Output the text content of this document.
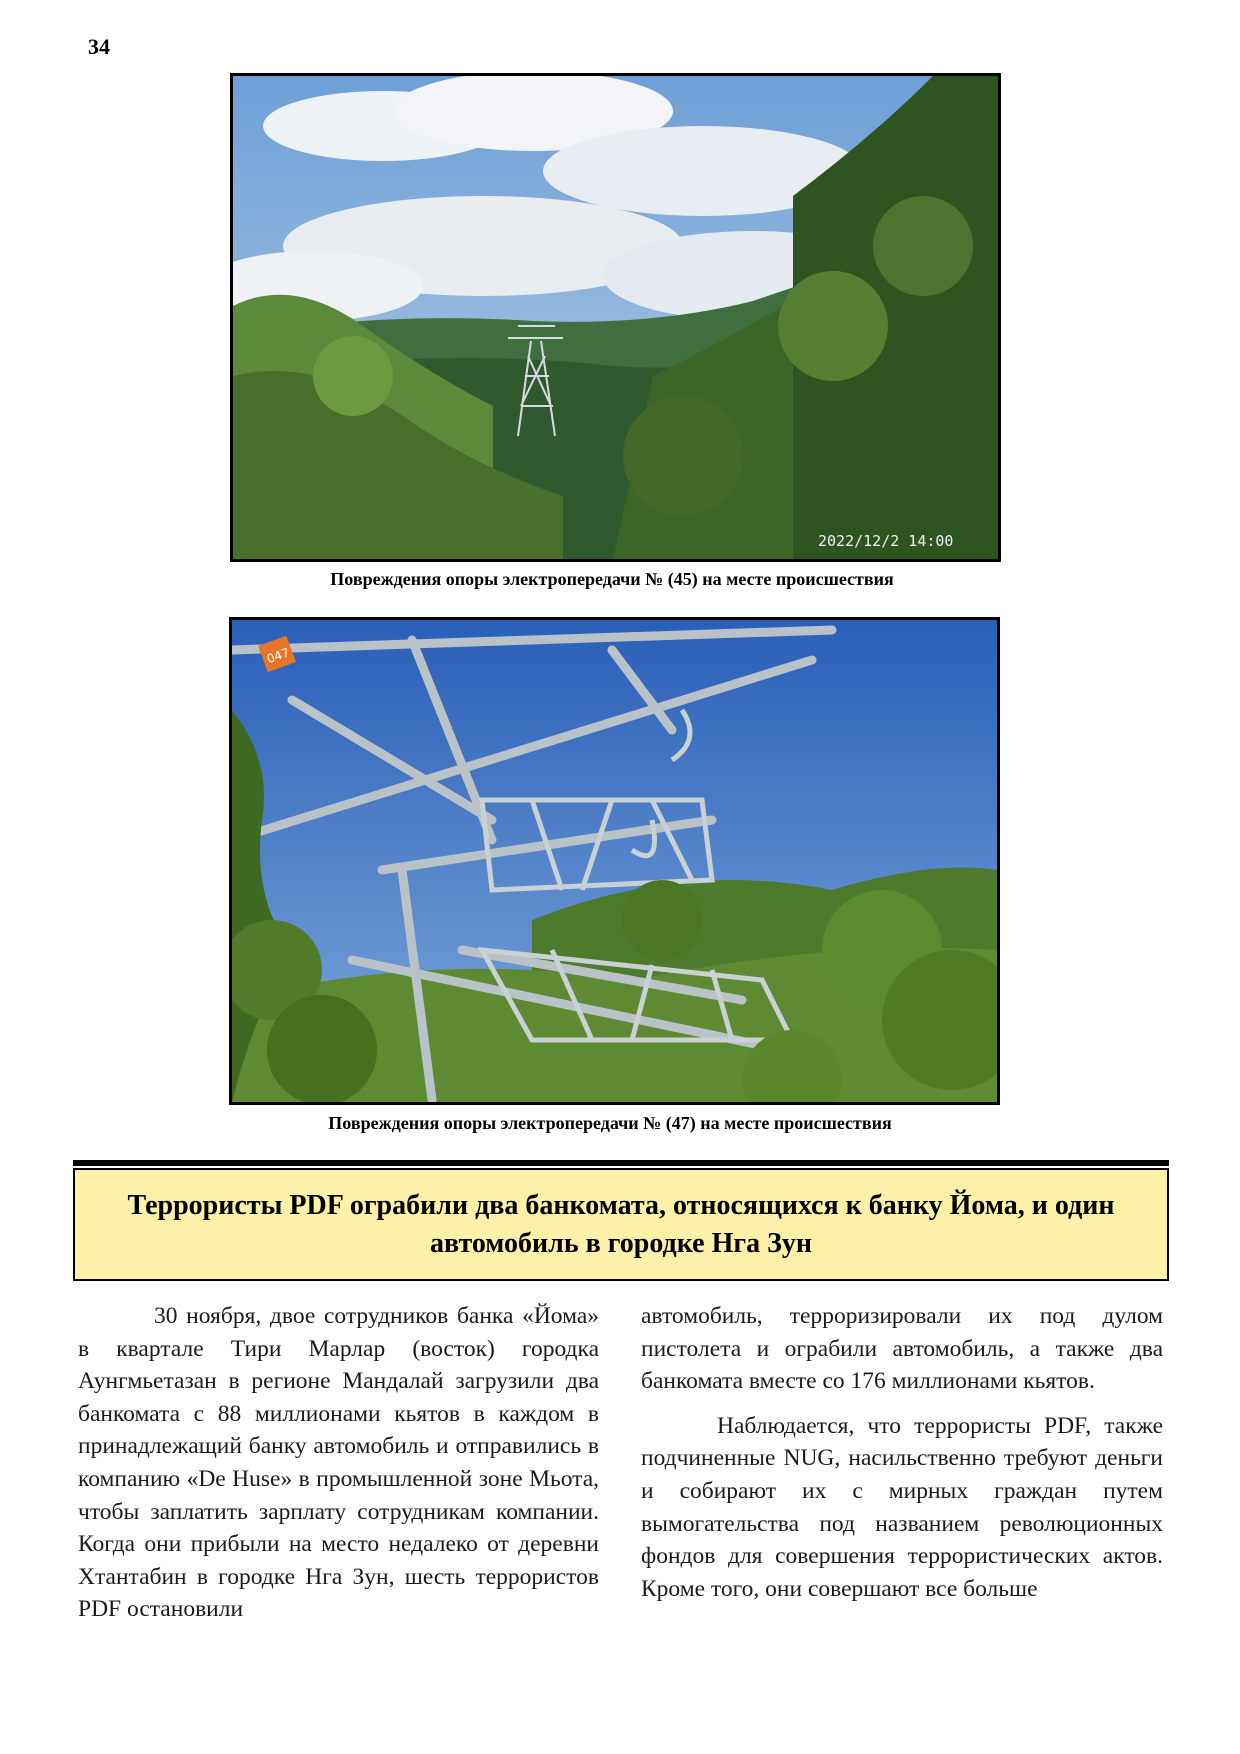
34
2022/12/2 14:00
Повреждения опоры электропередачи № (45) на месте происшествия
047
Повреждения опоры электропередачи № (47) на месте происшествия
Террористы PDF ограбили два банкомата, относящихся к банку Йома, и один автомобиль в городке Нга Зун

30 ноября, двое сотрудников банка «Йома» в квартале Тири Марлар (восток) городка Аунгмьетазан в регионе Мандалай загрузили два банкомата с 88 миллионами кьятов в каждом в принадлежащий банку автомобиль и отправились в компанию «De Huse» в промышленной зоне Мьота, чтобы заплатить зарплату сотрудникам компании. Когда они прибыли на место недалеко от деревни Хтантабин в городке Нга Зун, шесть террористов PDF остановили

автомобиль, терроризировали их под дулом пистолета и ограбили автомобиль, а также два банкомата вместе со 176 миллионами кьятов.

Наблюдается, что террористы PDF, также подчиненные NUG, насильственно требуют деньги и собирают их с мирных граждан путем вымогательства под названием революционных фондов для совершения террористических актов. Кроме того, они совершают все больше
